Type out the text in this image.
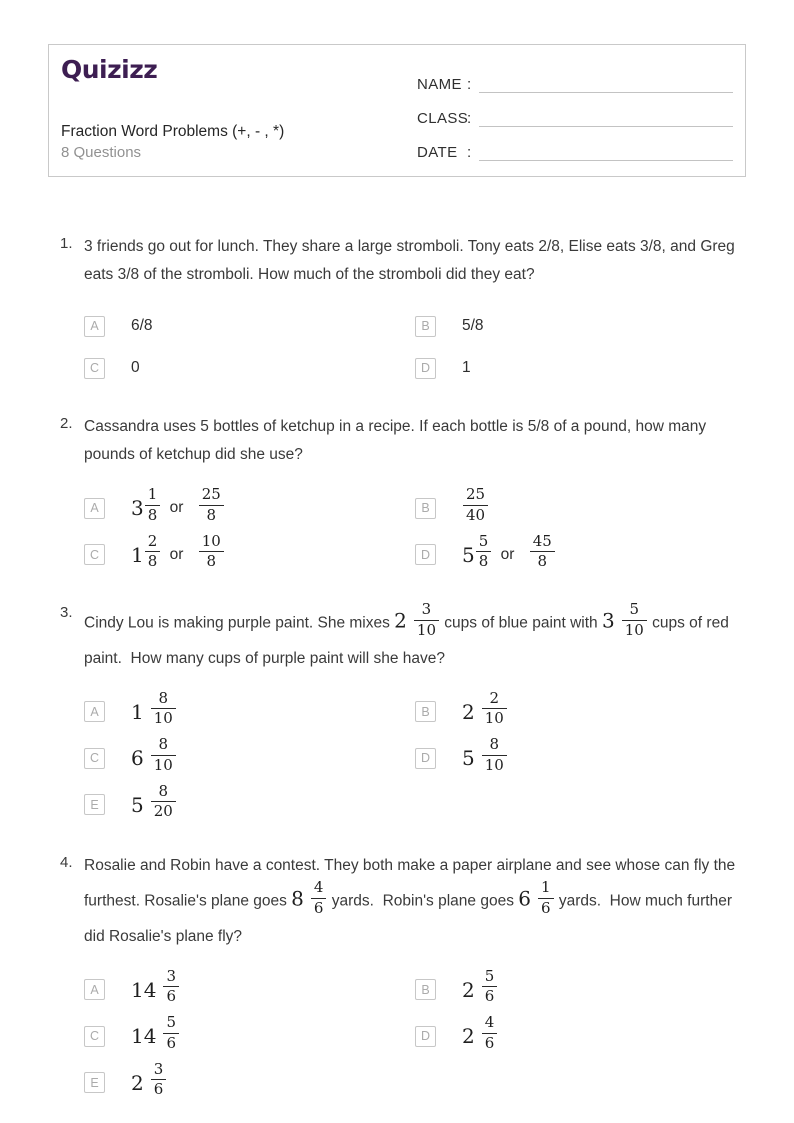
Quizizz
Fraction Word Problems (+, - , *)
8 Questions
NAME :
CLASS
:
DATE :
1. 3 friends go out for lunch. They share a large stromboli. Tony eats 2/8, Elise eats 3/8, and Greg eats 3/8 of the stromboli. How much of the stromboli did they eat?
A	6/8	B	5/8
C	0	D	1
2. Cassandra uses 5 bottles of ketchup in a recipe. If each bottle is 5/8 of a pound, how many pounds of ketchup did she use?
A	$3 \frac{1}{8}$ or $\frac{25}{8}$	B	$\frac{25}{40}$
C $1 \frac{2}{8}$ or $\frac{10}{8}$	D $5 \frac{5}{8}$ or $\frac{45}{8}$
3.
Cindy Lou is making purple paint. She mixes $2 \frac{3}{10}$ cups of blue paint with $3 \frac{5}{10}$ cups of red paint.  How many cups of purple paint will she have?
A	$1 \frac{8}{10}$	B	$2 \frac{2}{10}$
C $6 \frac{8}{10}$	D $5 \frac{8}{10}$
E	$5 \frac{8}{20}$
4. Rosalie and Robin have a contest. They both make a paper airplane and see whose can fly the furthest. Rosalie's plane goes $8 \frac{4}{6}$ yards.  Robin's plane goes $6 \frac{1}{6}$ yards.  How much further did Rosalie's plane fly?
A	$14 \frac{3}{6}$	B	$2 \frac{5}{6}$
C $14 \frac{5}{6}$	D $2 \frac{4}{6}$
E	$2 \frac{3}{6}$
